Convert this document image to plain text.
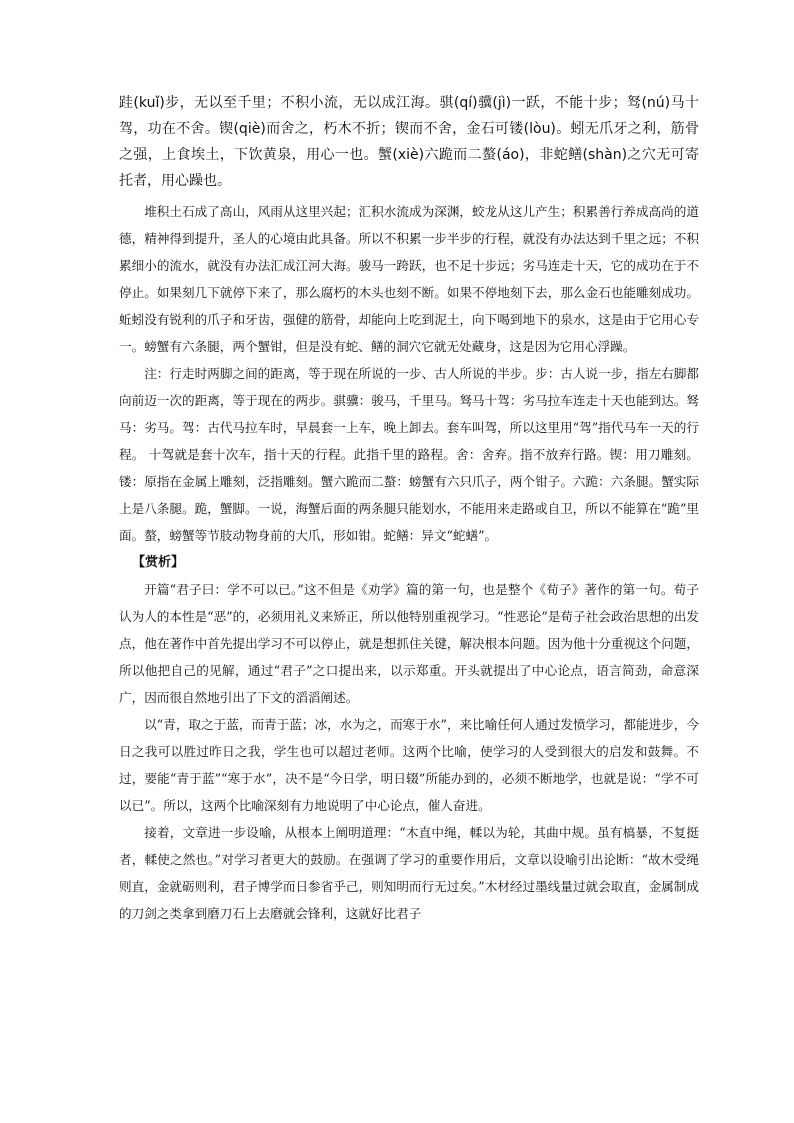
跬(kuǐ)步，无以至千里；不积小流，无以成江海。骐(qí)骥(jì)一跃，不能十步；驽(nú)马十驾，功在不舍。锲(qiè)而舍之，朽木不折；锲而不舍，金石可镂(lòu)。蚓无爪牙之利，筋骨之强，上食埃土，下饮黄泉，用心一也。蟹(xiè)六跪而二螯(áo)，非蛇鳝(shàn)之穴无可寄托者，用心躁也。

堆积土石成了高山，风雨从这里兴起；汇积水流成为深渊，蛟龙从这儿产生；积累善行养成高尚的道德，精神得到提升，圣人的心境由此具备。所以不积累一步半步的行程，就没有办法达到千里之远；不积累细小的流水，就没有办法汇成江河大海。骏马一跨跃，也不足十步远；劣马连走十天，它的成功在于不停止。如果刻几下就停下来了，那么腐朽的木头也刻不断。如果不停地刻下去，那么金石也能雕刻成功。蚯蚓没有锐利的爪子和牙齿，强健的筋骨，却能向上吃到泥土，向下喝到地下的泉水，这是由于它用心专一。螃蟹有六条腿，两个蟹钳，但是没有蛇、鳝的洞穴它就无处藏身，这是因为它用心浮躁。

注：行走时两脚之间的距离，等于现在所说的一步、古人所说的半步。步：古人说一步，指左右脚都向前迈一次的距离，等于现在的两步。骐骥：骏马，千里马。驽马十驾：劣马拉车连走十天也能到达。驽马：劣马。驾：古代马拉车时，早晨套一上车，晚上卸去。套车叫驾，所以这里用“驾”指代马车一天的行程。 十驾就是套十次车，指十天的行程。此指千里的路程。舍：舍弃。指不放弃行路。锲：用刀雕刻。镂：原指在金属上雕刻，泛指雕刻。蟹六跪而二螯：螃蟹有六只爪子，两个钳子。六跪：六条腿。蟹实际上是八条腿。跪，蟹脚。一说，海蟹后面的两条腿只能划水，不能用来走路或自卫，所以不能算在“跪”里面。螯，螃蟹等节肢动物身前的大爪，形如钳。蛇鳝：异文“蛇蟮”。

【赏析】

开篇“君子曰：学不可以已。”这不但是《劝学》篇的第一句，也是整个《荀子》著作的第一句。荀子认为人的本性是“恶”的，必须用礼义来矫正，所以他特别重视学习。“性恶论”是荀子社会政治思想的出发点，他在著作中首先提出学习不可以停止，就是想抓住关键，解决根本问题。因为他十分重视这个问题，所以他把自己的见解，通过“君子”之口提出来，以示郑重。开头就提出了中心论点，语言简劲，命意深广，因而很自然地引出了下文的滔滔阐述。

以“青，取之于蓝，而青于蓝；冰，水为之，而寒于水”，来比喻任何人通过发愤学习，都能进步，今日之我可以胜过昨日之我，学生也可以超过老师。这两个比喻，使学习的人受到很大的启发和鼓舞。不过，要能“青于蓝”“寒于水”，决不是“今日学，明日辍”所能办到的，必须不断地学，也就是说：“学不可以已”。所以，这两个比喻深刻有力地说明了中心论点，催人奋进。

接着，文章进一步设喻，从根本上阐明道理：“木直中绳，輮以为轮，其曲中规。虽有槁暴，不复挺者，輮使之然也。”对学习者更大的鼓励。在强调了学习的重要作用后，文章以设喻引出论断：“故木受绳则直，金就砺则利，君子博学而日参省乎己，则知明而行无过矣。”木材经过墨线量过就会取直，金属制成的刀剑之类拿到磨刀石上去磨就会锋利，这就好比君子
